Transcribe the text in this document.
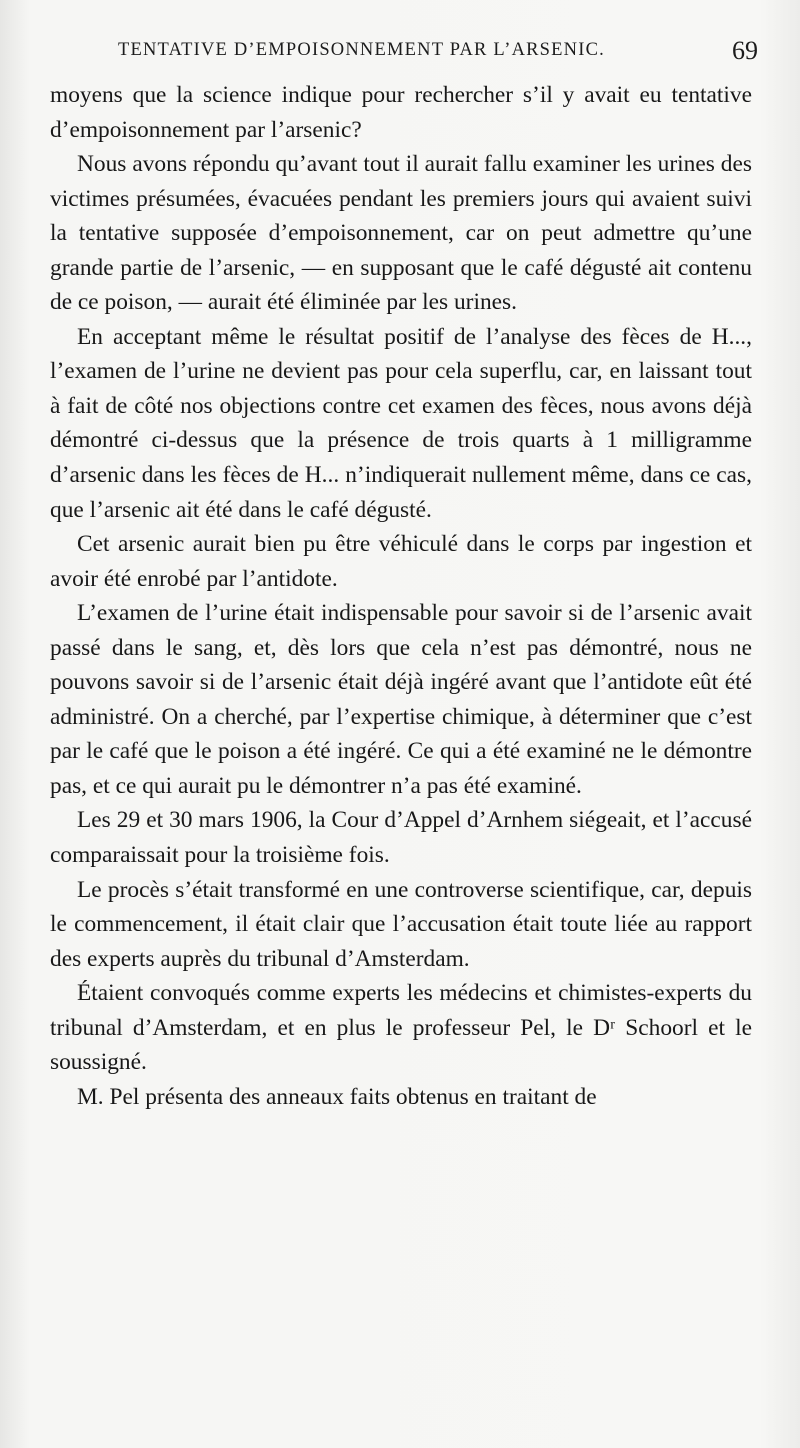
TENTATIVE D’EMPOISONNEMENT PAR L’ARSENIC.	69

moyens que la science indique pour rechercher s’il y avait eu tentative d’empoisonnement par l’arsenic?

Nous avons répondu qu’avant tout il aurait fallu examiner les urines des victimes présumées, évacuées pendant les premiers jours qui avaient suivi la tentative supposée d’empoisonnement, car on peut admettre qu’une grande partie de l’arsenic, — en supposant que le café dégusté ait contenu de ce poison, — aurait été éliminée par les urines.

En acceptant même le résultat positif de l’analyse des fèces de H..., l’examen de l’urine ne devient pas pour cela superflu, car, en laissant tout à fait de côté nos objections contre cet examen des fèces, nous avons déjà démontré ci-dessus que la présence de trois quarts à 1 milligramme d’arsenic dans les fèces de H... n’indiquerait nullement même, dans ce cas, que l’arsenic ait été dans le café dégusté.

Cet arsenic aurait bien pu être véhiculé dans le corps par ingestion et avoir été enrobé par l’antidote.

L’examen de l’urine était indispensable pour savoir si de l’arsenic avait passé dans le sang, et, dès lors que cela n’est pas démontré, nous ne pouvons savoir si de l’arsenic était déjà ingéré avant que l’antidote eût été administré. On a cherché, par l’expertise chimique, à déterminer que c’est par le café que le poison a été ingéré. Ce qui a été examiné ne le démontre pas, et ce qui aurait pu le démontrer n’a pas été examiné.

Les 29 et 30 mars 1906, la Cour d’Appel d’Arnhem siégeait, et l’accusé comparaissait pour la troisième fois.

Le procès s’était transformé en une controverse scientifique, car, depuis le commencement, il était clair que l’accusation était toute liée au rapport des experts auprès du tribunal d’Amsterdam.

Étaient convoqués comme experts les médecins et chimistes-experts du tribunal d’Amsterdam, et en plus le professeur Pel, le Dʳ Schoorl et le soussigné.

M. Pel présenta des anneaux faits obtenus en traitant de
